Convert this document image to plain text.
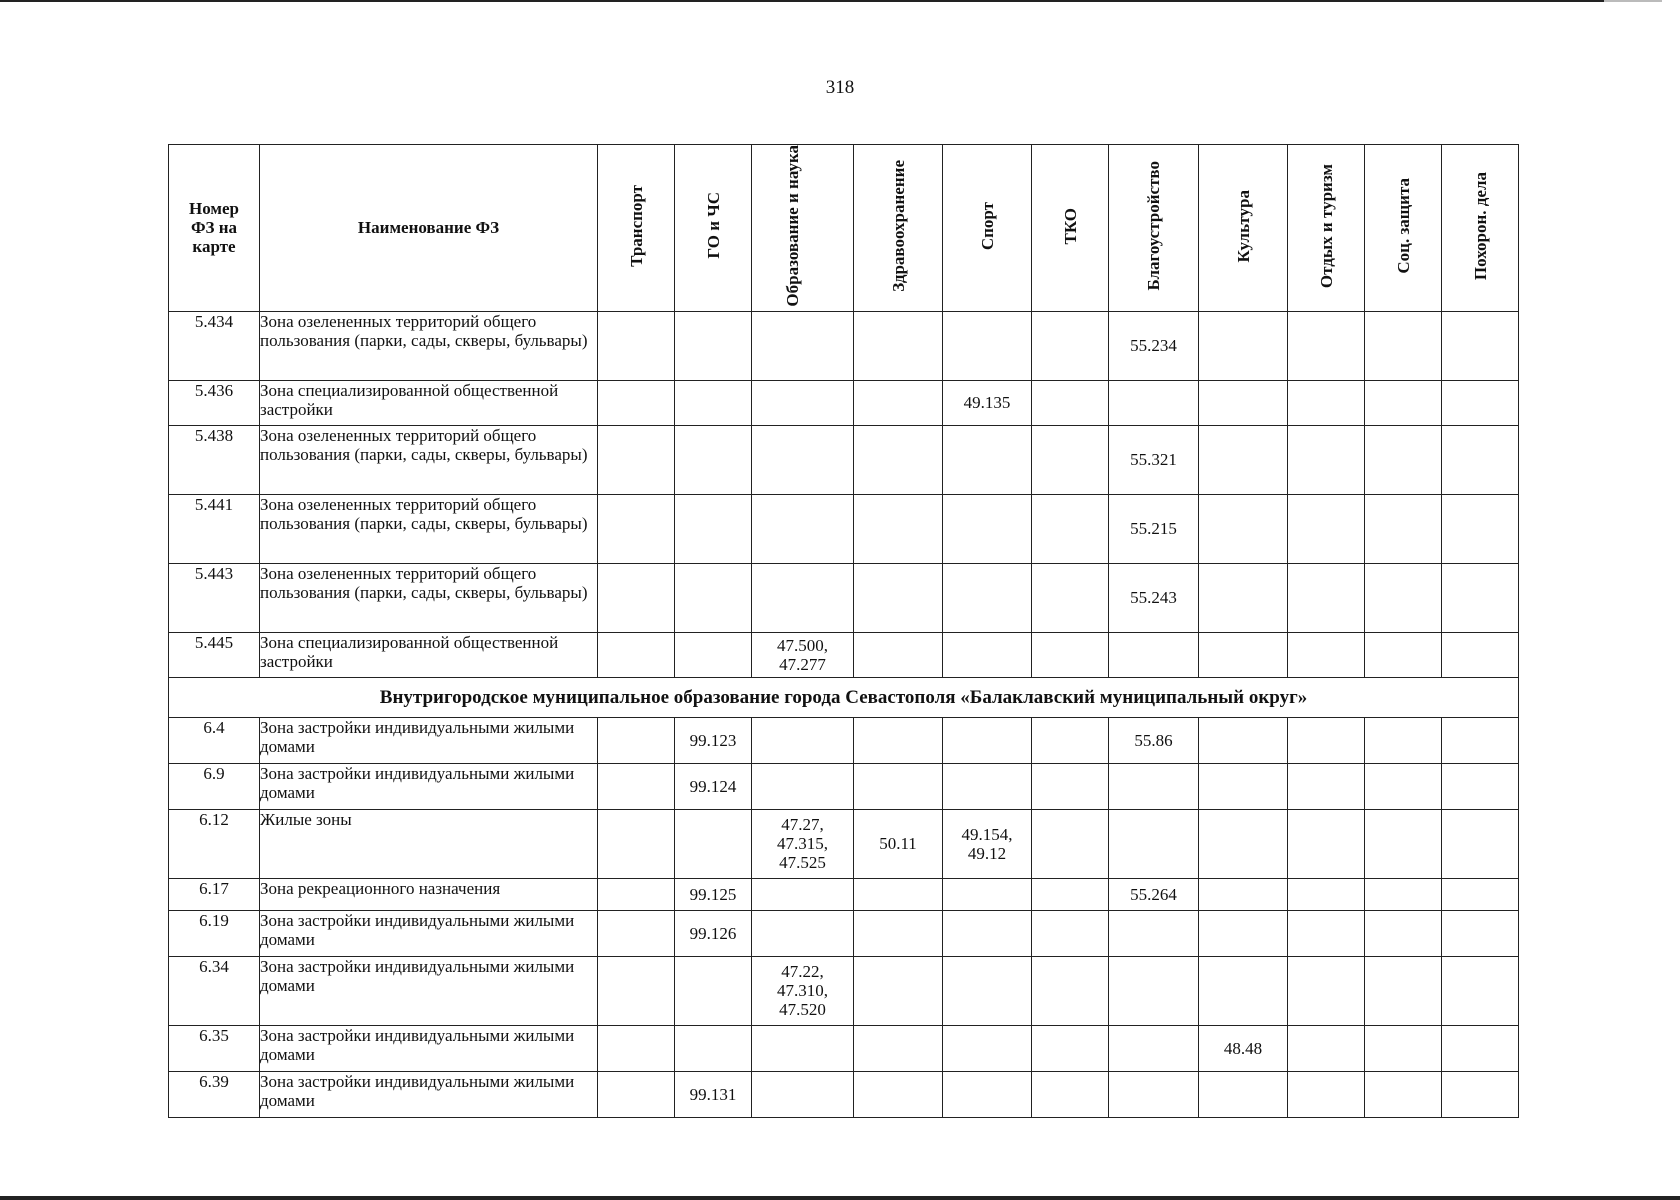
318
Номер ФЗ на карте	Наименование ФЗ	Транспорт	ГО и ЧС	Образование и наука	Здравоохранение	Спорт	ТКО	Благоустройство	Культура	Отдых и туризм	Соц. защита	Похорон. дела
5.434	Зона озелененных территорий общего пользования (парки, сады, скверы, бульвары)							55.234				
5.436	Зона специализированной общественной застройки					49.135						
5.438	Зона озелененных территорий общего пользования (парки, сады, скверы, бульвары)							55.321				
5.441	Зона озелененных территорий общего пользования (парки, сады, скверы, бульвары)							55.215				
5.443	Зона озелененных территорий общего пользования (парки, сады, скверы, бульвары)							55.243				
5.445	Зона специализированной общественной застройки			47.500,
47.277								

Внутригородское муниципальное образование города Севастополя «Балаклавский муниципальный округ»												
6.4	Зона застройки индивидуальными жилыми домами		99.123					55.86				
6.9	Зона застройки индивидуальными жилыми домами		99.124									
6.12	Жилые зоны			47.27,
47.315,
47.525	50.11	49.154,
49.12						

6.17	Зона рекреационного назначения		99.125					55.264				
6.19	Зона застройки индивидуальными жилыми домами		99.126									
6.34	Зона застройки индивидуальными жилыми домами			47.22,
47.310,
47.520								

6.35	Зона застройки индивидуальными жилыми домами								48.48			
6.39	Зона застройки индивидуальными жилыми домами		99.131									
